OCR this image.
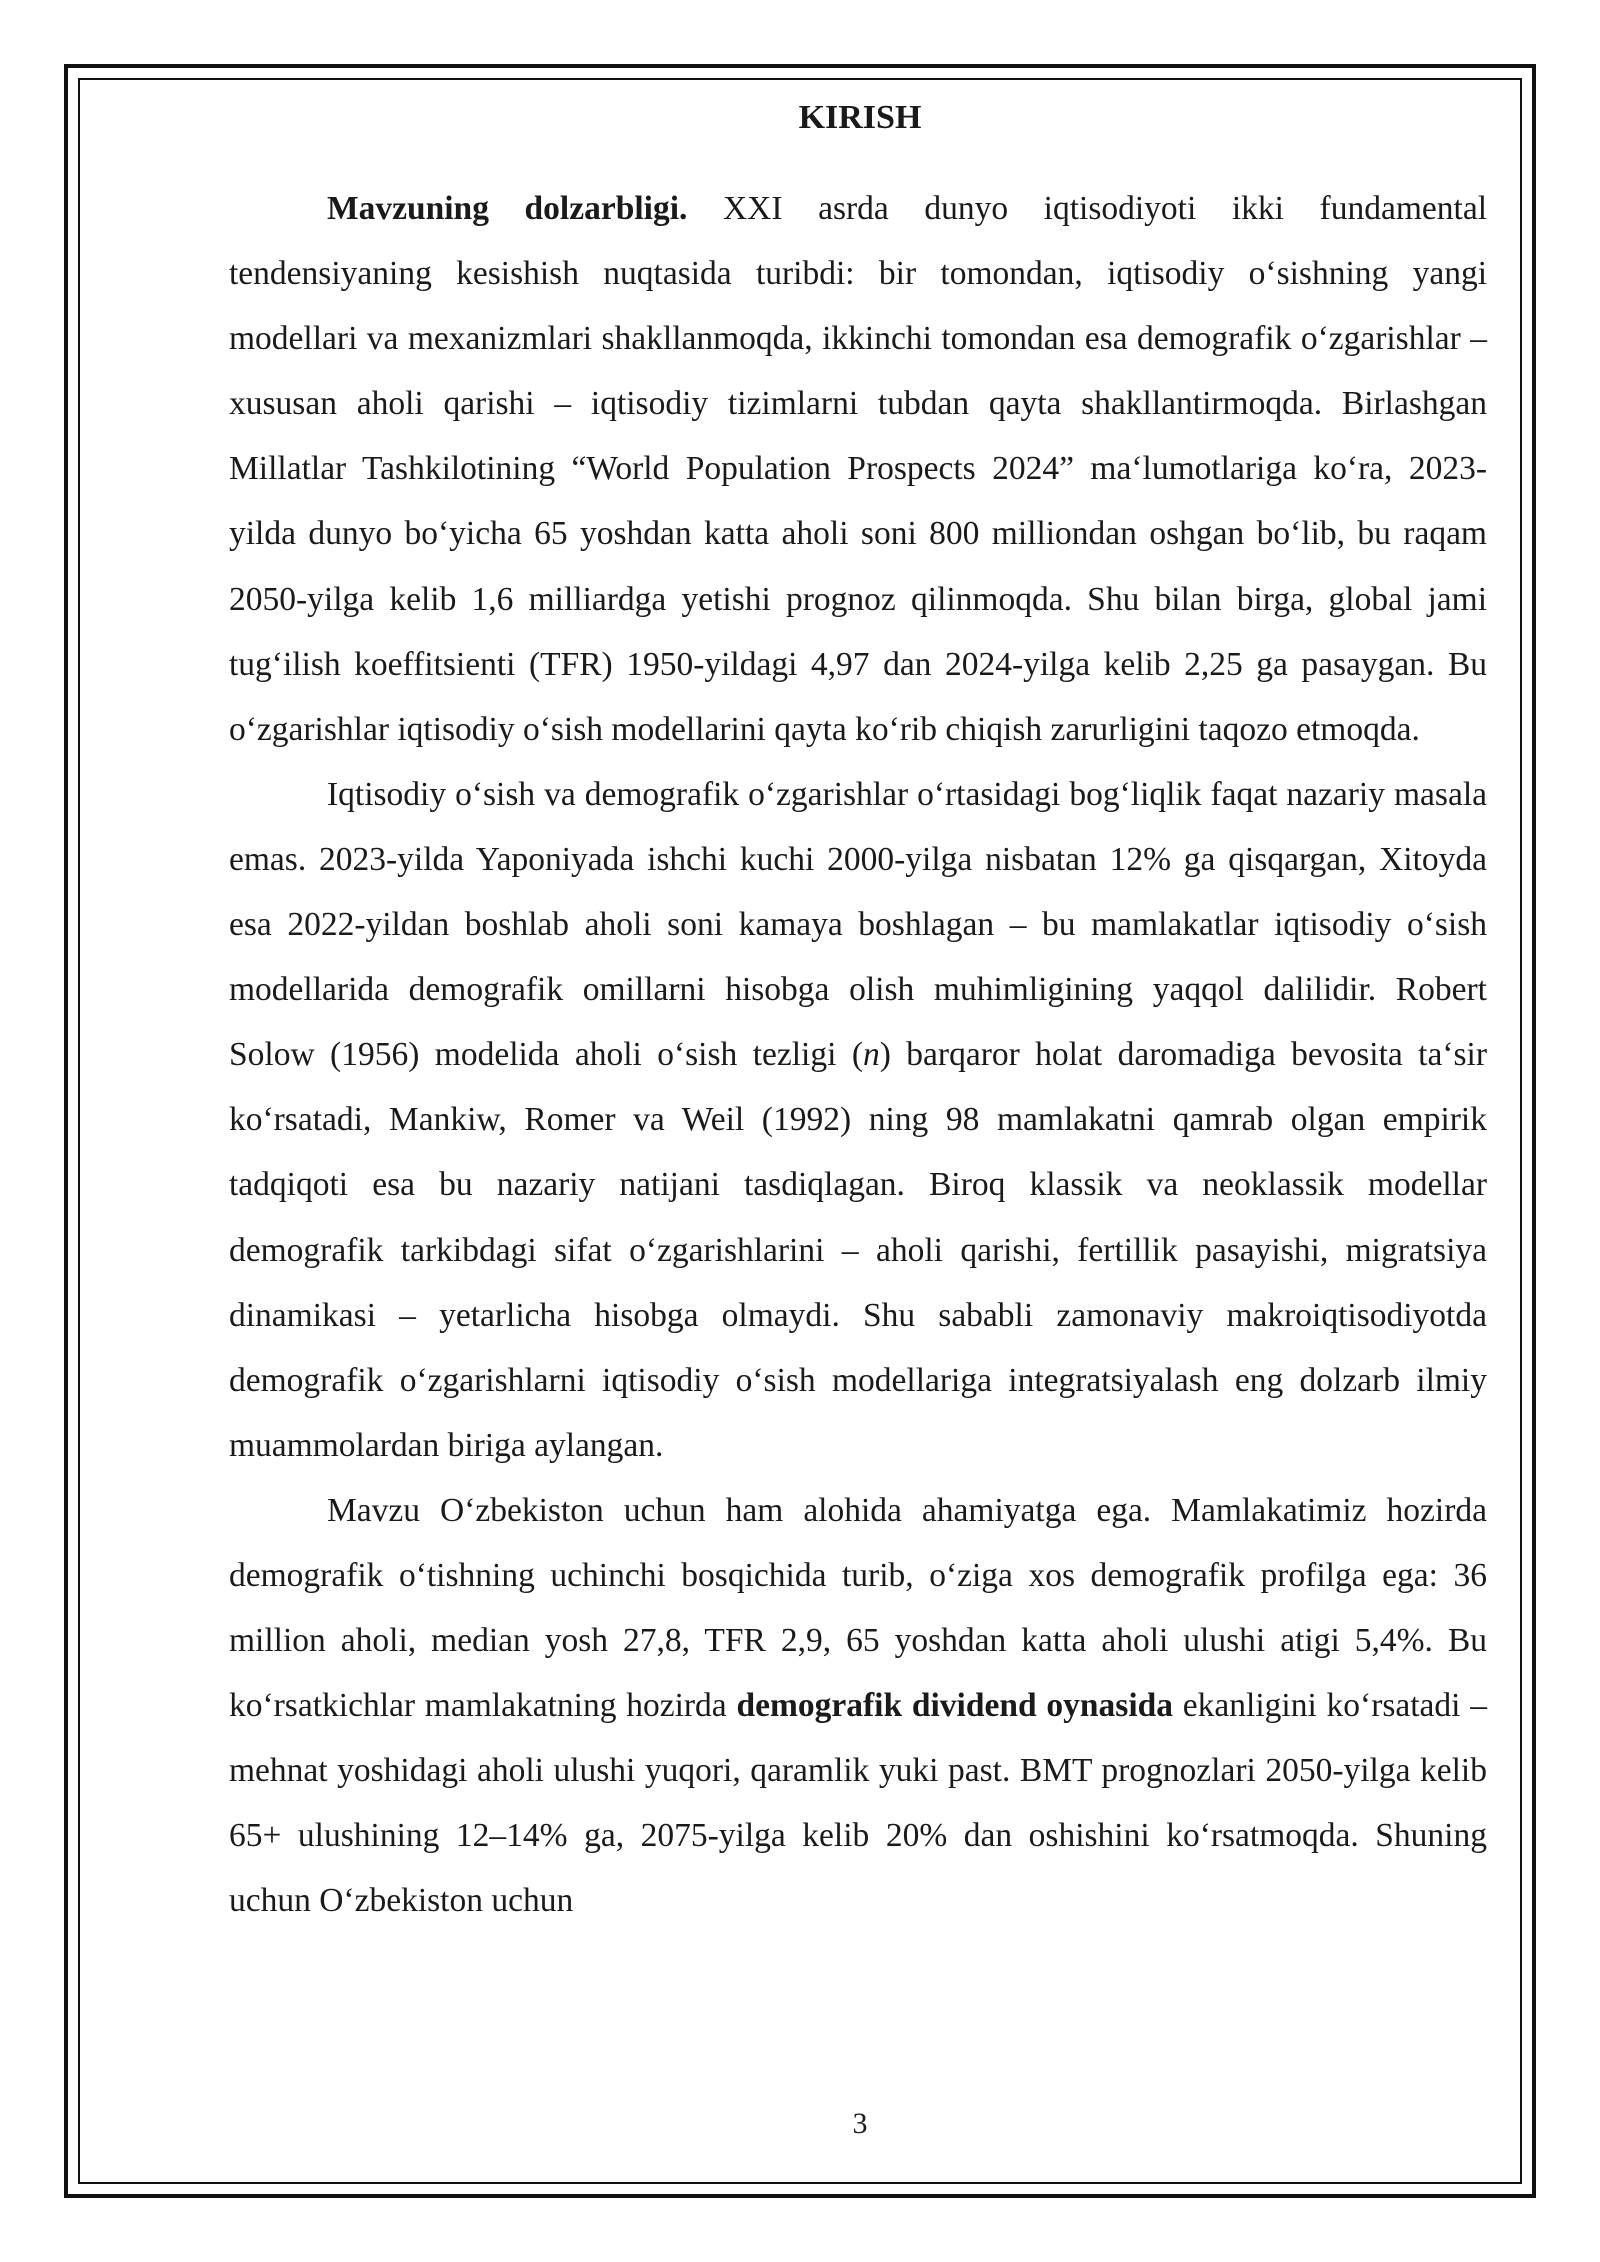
KIRISH

Mavzuning dolzarbligi. XXI asrda dunyo iqtisodiyoti ikki fundamental tendensiyaning kesishish nuqtasida turibdi: bir tomondan, iqtisodiy o‘sishning yangi modellari va mexanizmlari shakllanmoqda, ikkinchi tomondan esa demografik o‘zgarishlar – xususan aholi qarishi – iqtisodiy tizimlarni tubdan qayta shakllantirmoqda. Birlashgan Millatlar Tashkilotining “World Population Prospects 2024” ma‘lumotlariga ko‘ra, 2023-yilda dunyo bo‘yicha 65 yoshdan katta aholi soni 800 milliondan oshgan bo‘lib, bu raqam 2050-yilga kelib 1,6 milliardga yetishi prognoz qilinmoqda. Shu bilan birga, global jami tug‘ilish koeffitsienti (TFR) 1950-yildagi 4,97 dan 2024-yilga kelib 2,25 ga pasaygan. Bu o‘zgarishlar iqtisodiy o‘sish modellarini qayta ko‘rib chiqish zarurligini taqozo etmoqda.

Iqtisodiy o‘sish va demografik o‘zgarishlar o‘rtasidagi bog‘liqlik faqat nazariy masala emas. 2023-yilda Yaponiyada ishchi kuchi 2000-yilga nisbatan 12% ga qisqargan, Xitoyda esa 2022-yildan boshlab aholi soni kamaya boshlagan – bu mamlakatlar iqtisodiy o‘sish modellarida demografik omillarni hisobga olish muhimligining yaqqol dalilidir. Robert Solow (1956) modelida aholi o‘sish tezligi (n) barqaror holat daromadiga bevosita ta‘sir ko‘rsatadi, Mankiw, Romer va Weil (1992) ning 98 mamlakatni qamrab olgan empirik tadqiqoti esa bu nazariy natijani tasdiqlagan. Biroq klassik va neoklassik modellar demografik tarkibdagi sifat o‘zgarishlarini – aholi qarishi, fertillik pasayishi, migratsiya dinamikasi – yetarlicha hisobga olmaydi. Shu sababli zamonaviy makroiqtisodiyotda demografik o‘zgarishlarni iqtisodiy o‘sish modellariga integratsiyalash eng dolzarb ilmiy muammolardan biriga aylangan.

Mavzu O‘zbekiston uchun ham alohida ahamiyatga ega. Mamlakatimiz hozirda demografik o‘tishning uchinchi bosqichida turib, o‘ziga xos demografik profilga ega: 36 million aholi, median yosh 27,8, TFR 2,9, 65 yoshdan katta aholi ulushi atigi 5,4%. Bu ko‘rsatkichlar mamlakatning hozirda demografik dividend oynasida ekanligini ko‘rsatadi – mehnat yoshidagi aholi ulushi yuqori, qaramlik yuki past. BMT prognozlari 2050-yilga kelib 65+ ulushining 12–14% ga, 2075-yilga kelib 20% dan oshishini ko‘rsatmoqda. Shuning uchun O‘zbekiston uchun

3
